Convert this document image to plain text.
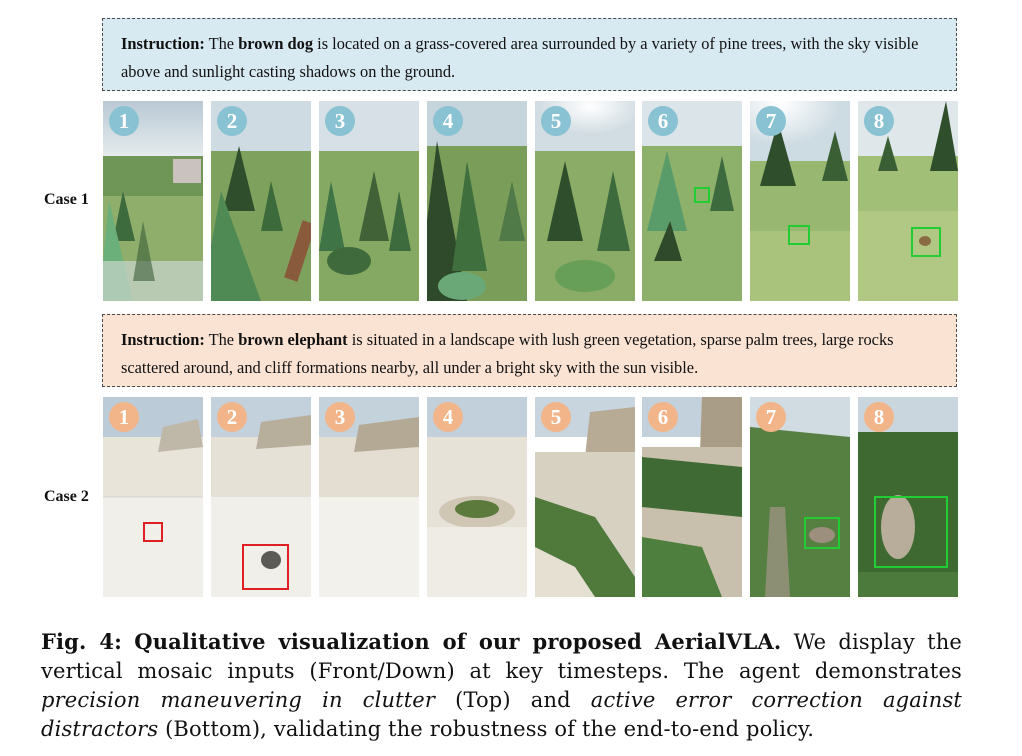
Instruction: The brown dog is located on a grass-covered area surrounded by a variety of pine trees, with the sky visible above and sunlight casting shadows on the ground.
Case 1
1	2	3	4	5	6	7	8
Instruction: The brown elephant is situated in a landscape with lush green vegetation, sparse palm trees, large rocks scattered around, and cliff formations nearby, all under a bright sky with the sun visible.
Case 2
1	2	3	4	5	6	7	8
Fig. 4: Qualitative visualization of our proposed AerialVLA. We display the vertical mosaic inputs (Front/Down) at key timesteps. The agent demonstrates precision maneuvering in clutter (Top) and active error correction against distractors (Bottom), validating the robustness of the end-to-end policy.
